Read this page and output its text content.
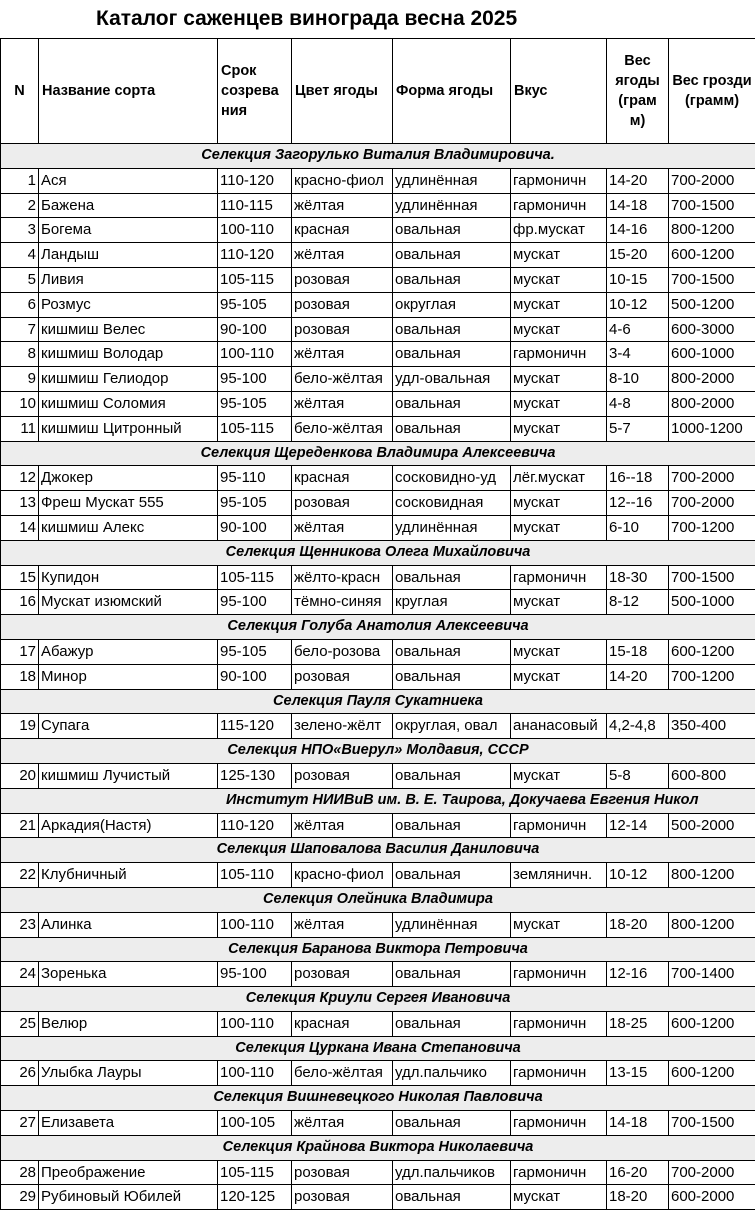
Каталог саженцев винограда весна 2025
N	Название сорта	Срок созрева ния	Цвет ягоды	Форма ягоды	Вкус	Вес ягоды (грам м)	Вес грозди (грамм)
Селекция Загорулько Виталия Владимировича.							
1	Ася	110-120	красно-фиол	удлинённая	гармоничн	14-20	700-2000
2	Бажена	110-115	жёлтая	удлинённая	гармоничн	14-18	700-1500
3	Богема	100-110	красная	овальная	фр.мускат	14-16	800-1200
4	Ландыш	110-120	жёлтая	овальная	мускат	15-20	600-1200
5	Ливия	105-115	розовая	овальная	мускат	10-15	700-1500
6	Розмус	95-105	розовая	округлая	мускат	10-12	500-1200
7	кишмиш Велес	90-100	розовая	овальная	мускат	4-6	600-3000
8	кишмиш Володар	100-110	жёлтая	овальная	гармоничн	3-4	600-1000
9	кишмиш Гелиодор	95-100	бело-жёлтая	удл-овальная	мускат	8-10	800-2000
10	кишмиш Соломия	95-105	жёлтая	овальная	мускат	4-8	800-2000
11	кишмиш Цитронный	105-115	бело-жёлтая	овальная	мускат	5-7	1000-1200
Селекция Щереденкова Владимира Алексеевича							
12	Джокер	95-110	красная	сосковидно-уд	лёг.мускат	16--18	700-2000
13	Фреш Мускат 555	95-105	розовая	сосковидная	мускат	12--16	700-2000
14	кишмиш Алекс	90-100	жёлтая	удлинённая	мускат	6-10	700-1200
Селекция Щенникова Олега Михайловича							
15	Купидон	105-115	жёлто-красн	овальная	гармоничн	18-30	700-1500
16	Мускат изюмский	95-100	тёмно-синяя	круглая	мускат	8-12	500-1000
Селекция Голуба Анатолия Алексеевича							
17	Абажур	95-105	бело-розова	овальная	мускат	15-18	600-1200
18	Минор	90-100	розовая	овальная	мускат	14-20	700-1200
Селекция Пауля Сукатниека							
19	Супага	115-120	зелено-жёлт	округлая, овал	ананасовый	4,2-4,8	350-400
Селекция НПО«Виерул» Молдавия, СССР							
20	кишмиш Лучистый	125-130	розовая	овальная	мускат	5-8	600-800
Институт НИИВиВ им. В. Е. Таирова, Докучаева Евгения Никол							
21	Аркадия(Настя)	110-120	жёлтая	овальная	гармоничн	12-14	500-2000
Селекция Шаповалова Василия Даниловича							
22	Клубничный	105-110	красно-фиол	овальная	земляничн.	10-12	800-1200
Селекция Олейника Владимира							
23	Алинка	100-110	жёлтая	удлинённая	мускат	18-20	800-1200
Селекция Баранова Виктора Петровича							
24	Зоренька	95-100	розовая	овальная	гармоничн	12-16	700-1400
Селекция Криули Сергея Ивановича							
25	Велюр	100-110	красная	овальная	гармоничн	18-25	600-1200
Селекция Цуркана Ивана Степановича							
26	Улыбка Лауры	100-110	бело-жёлтая	удл.пальчико	гармоничн	13-15	600-1200
Селекция Вишневецкого Николая Павловича							
27	Елизавета	100-105	жёлтая	овальная	гармоничн	14-18	700-1500
Селекция Крайнова Виктора Николаевича							
28	Преображение	105-115	розовая	удл.пальчиков	гармоничн	16-20	700-2000
29	Рубиновый Юбилей	120-125	розовая	овальная	мускат	18-20	600-2000
